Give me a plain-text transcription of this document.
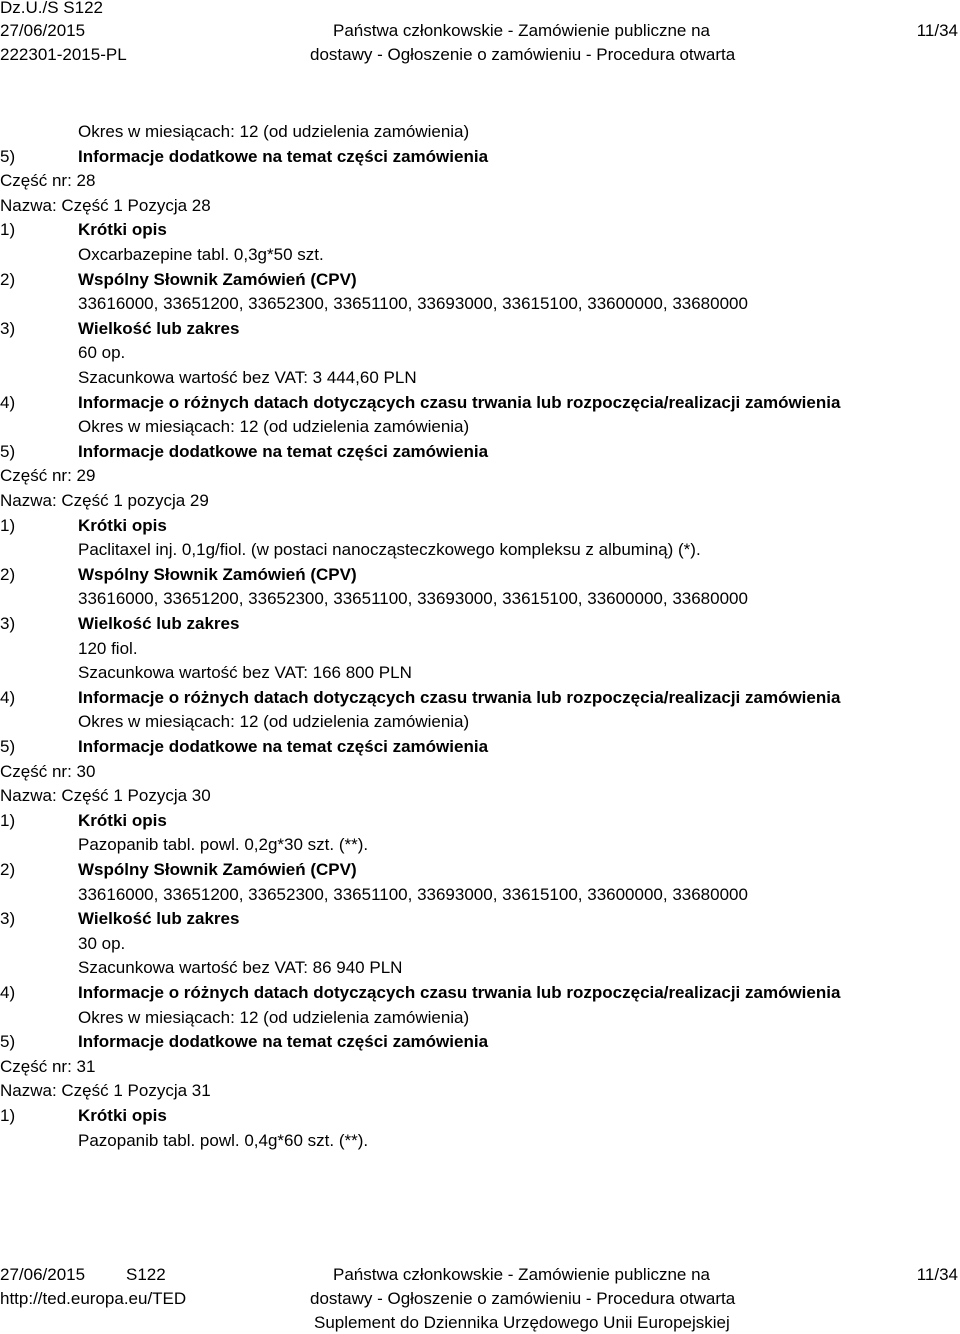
Dz.U./S S122
27/06/2015
222301-2015-PL
Państwa członkowskie - Zamówienie publiczne na
dostawy - Ogłoszenie o zamówieniu - Procedura otwarta
11/34
Okres w miesiącach: 12 (od udzielenia zamówienia)
5)	Informacje dodatkowe na temat części zamówienia
Część nr: 28
Nazwa: Część 1 Pozycja 28
1)	Krótki opis
Oxcarbazepine tabl. 0,3g*50 szt.
2)	Wspólny Słownik Zamówień (CPV)
33616000, 33651200, 33652300, 33651100, 33693000, 33615100, 33600000, 33680000
3)	Wielkość lub zakres
60 op.
Szacunkowa wartość bez VAT: 3 444,60 PLN
4)	Informacje o różnych datach dotyczących czasu trwania lub rozpoczęcia/realizacji zamówienia
Okres w miesiącach: 12 (od udzielenia zamówienia)
5)	Informacje dodatkowe na temat części zamówienia
Część nr: 29
Nazwa: Część 1 pozycja 29
1)	Krótki opis
Paclitaxel inj. 0,1g/fiol. (w postaci nanocząsteczkowego kompleksu z albuminą) (*).
2)	Wspólny Słownik Zamówień (CPV)
33616000, 33651200, 33652300, 33651100, 33693000, 33615100, 33600000, 33680000
3)	Wielkość lub zakres
120 fiol.
Szacunkowa wartość bez VAT: 166 800 PLN
4)	Informacje o różnych datach dotyczących czasu trwania lub rozpoczęcia/realizacji zamówienia
Okres w miesiącach: 12 (od udzielenia zamówienia)
5)	Informacje dodatkowe na temat części zamówienia
Część nr: 30
Nazwa: Część 1 Pozycja 30
1)	Krótki opis
Pazopanib tabl. powl. 0,2g*30 szt. (**).
2)	Wspólny Słownik Zamówień (CPV)
33616000, 33651200, 33652300, 33651100, 33693000, 33615100, 33600000, 33680000
3)	Wielkość lub zakres
30 op.
Szacunkowa wartość bez VAT: 86 940 PLN
4)	Informacje o różnych datach dotyczących czasu trwania lub rozpoczęcia/realizacji zamówienia
Okres w miesiącach: 12 (od udzielenia zamówienia)
5)	Informacje dodatkowe na temat części zamówienia
Część nr: 31
Nazwa: Część 1 Pozycja 31
1)	Krótki opis
Pazopanib tabl. powl. 0,4g*60 szt. (**).
27/06/2015 S122
http://ted.europa.eu/TED
Państwa członkowskie - Zamówienie publiczne na
dostawy - Ogłoszenie o zamówieniu - Procedura otwarta
Suplement do Dziennika Urzędowego Unii Europejskiej
11/34
